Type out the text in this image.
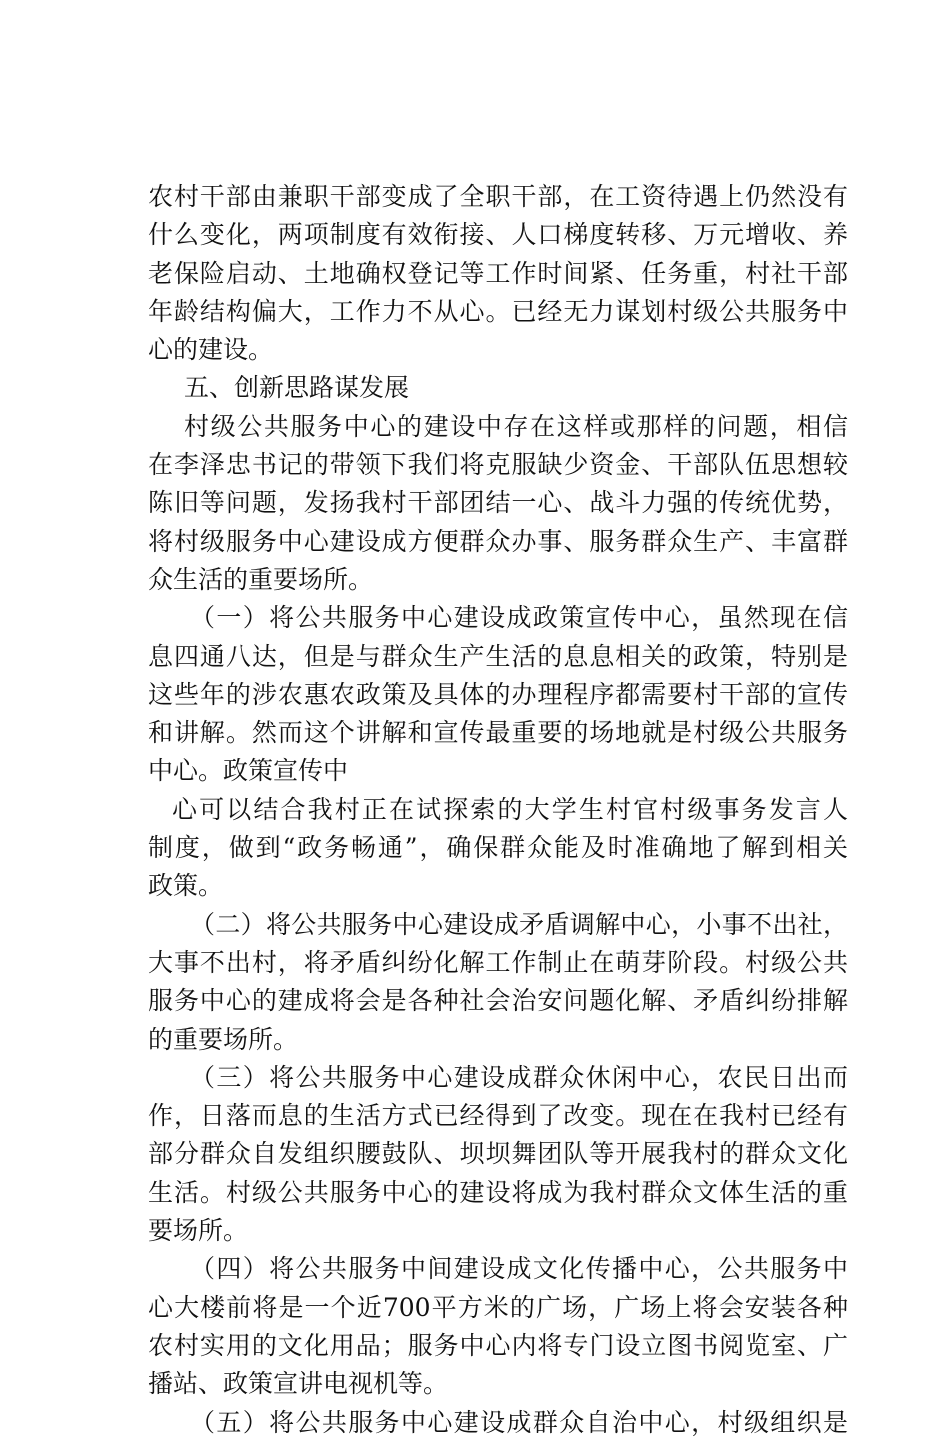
农村干部由兼职干部变成了全职干部，在工资待遇上仍然没有
什么变化，两项制度有效衔接、人口梯度转移、万元增收、养
老保险启动、土地确权登记等工作时间紧、任务重，村社干部
年龄结构偏大，工作力不从心。已经无力谋划村级公共服务中
心的建设。
五、创新思路谋发展
村级公共服务中心的建设中存在这样或那样的问题，相信
在李泽忠书记的带领下我们将克服缺少资金、干部队伍思想较
陈旧等问题，发扬我村干部团结一心、战斗力强的传统优势，
将村级服务中心建设成方便群众办事、服务群众生产、丰富群
众生活的重要场所。
（一）将公共服务中心建设成政策宣传中心，虽然现在信
息四通八达，但是与群众生产生活的息息相关的政策，特别是
这些年的涉农惠农政策及具体的办理程序都需要村干部的宣传
和讲解。然而这个讲解和宣传最重要的场地就是村级公共服务
中心。政策宣传中
心可以结合我村正在试探索的大学生村官村级事务发言人
制度，做到“政务畅通”，确保群众能及时准确地了解到相关
政策。
（二）将公共服务中心建设成矛盾调解中心，小事不出社，
大事不出村，将矛盾纠纷化解工作制止在萌芽阶段。村级公共
服务中心的建成将会是各种社会治安问题化解、矛盾纠纷排解
的重要场所。
（三）将公共服务中心建设成群众休闲中心，农民日出而
作，日落而息的生活方式已经得到了改变。现在在我村已经有
部分群众自发组织腰鼓队、坝坝舞团队等开展我村的群众文化
生活。村级公共服务中心的建设将成为我村群众文体生活的重
要场所。
（四）将公共服务中间建设成文化传播中心，公共服务中
心大楼前将是一个近700平方米的广场，广场上将会安装各种
农村实用的文化用品；服务中心内将专门设立图书阅览室、广
播站、政策宣讲电视机等。
（五）将公共服务中心建设成群众自治中心，村级组织是
